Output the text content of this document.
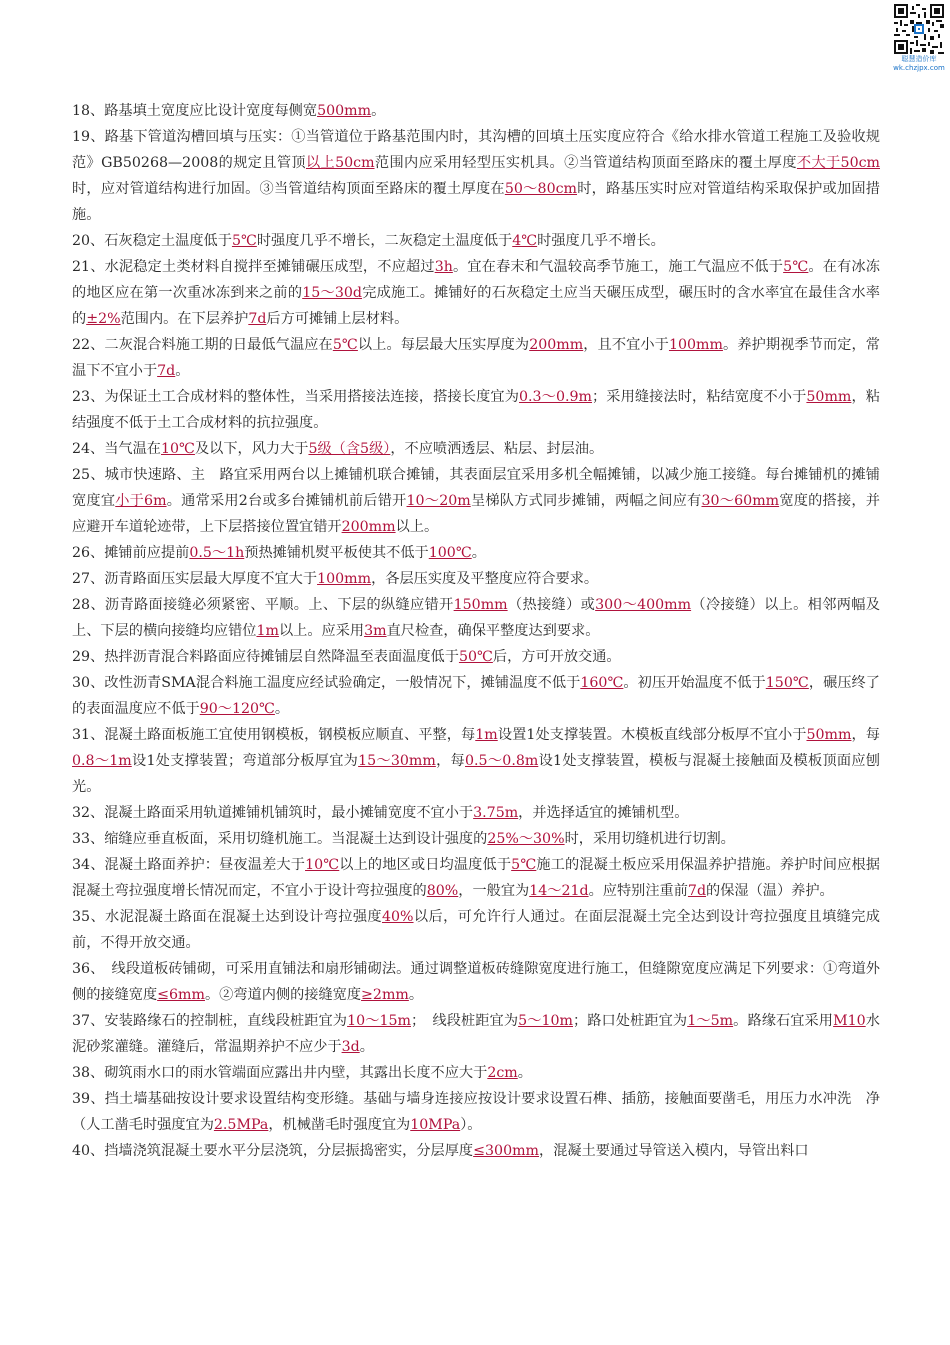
聪慧造价库
wk.chzjpx.com

18、路基填土宽度应比设计宽度每侧宽500mm。

19、路基下管道沟槽回填与压实：①当管道位于路基范围内时，其沟槽的回填土压实度应符合《给水排水管道工程施工及验收规范》GB50268—2008的规定且管顶以上50cm范围内应采用轻型压实机具。②当管道结构顶面至路床的覆土厚度不大于50cm时，应对管道结构进行加固。③当管道结构顶面至路床的覆土厚度在50～80cm时，路基压实时应对管道结构采取保护或加固措施。

20、石灰稳定土温度低于5℃时强度几乎不增长，二灰稳定土温度低于4℃时强度几乎不增长。

21、水泥稳定土类材料自搅拌至摊铺碾压成型，不应超过3h。宜在春末和气温较高季节施工，施工气温应不低于5℃。在有冰冻的地区应在第一次重冰冻到来之前的15～30d完成施工。摊铺好的石灰稳定土应当天碾压成型，碾压时的含水率宜在最佳含水率的±2%范围内。在下层养护7d后方可摊铺上层材料。

22、二灰混合料施工期的日最低气温应在5℃以上。每层最大压实厚度为200mm，且不宜小于100mm。养护期视季节而定，常温下不宜小于7d。

23、为保证土工合成材料的整体性，当采用搭接法连接，搭接长度宜为0.3～0.9m；采用缝接法时，粘结宽度不小于50mm，粘结强度不低于土工合成材料的抗拉强度。

24、当气温在10℃及以下，风力大于5级（含5级），不应喷洒透层、粘层、封层油。

25、城市快速路、主　路宜采用两台以上摊铺机联合摊铺，其表面层宜采用多机全幅摊铺，以减少施工接缝。每台摊铺机的摊铺宽度宜小于6m。通常采用2台或多台摊铺机前后错开10～20m呈梯队方式同步摊铺，两幅之间应有30～60mm宽度的搭接，并应避开车道轮迹带，上下层搭接位置宜错开200mm以上。

26、摊铺前应提前0.5～1h预热摊铺机熨平板使其不低于100℃。

27、沥青路面压实层最大厚度不宜大于100mm，各层压实度及平整度应符合要求。

28、沥青路面接缝必须紧密、平顺。上、下层的纵缝应错开150mm（热接缝）或300～400mm（冷接缝）以上。相邻两幅及上、下层的横向接缝均应错位1m以上。应采用3m直尺检查，确保平整度达到要求。

29、热拌沥青混合料路面应待摊铺层自然降温至表面温度低于50℃后，方可开放交通。

30、改性沥青SMA混合料施工温度应经试验确定，一般情况下，摊铺温度不低于160℃。初压开始温度不低于150℃，碾压终了的表面温度应不低于90～120℃。

31、混凝土路面板施工宜使用钢模板，钢模板应顺直、平整，每1m设置1处支撑装置。木模板直线部分板厚不宜小于50mm，每0.8～1m设1处支撑装置；弯道部分板厚宜为15～30mm，每0.5～0.8m设1处支撑装置，模板与混凝土接触面及模板顶面应刨光。

32、混凝土路面采用轨道摊铺机铺筑时，最小摊铺宽度不宜小于3.75m，并选择适宜的摊铺机型。

33、缩缝应垂直板面，采用切缝机施工。当混凝土达到设计强度的25%～30%时，采用切缝机进行切割。

34、混凝土路面养护：昼夜温差大于10℃以上的地区或日均温度低于5℃施工的混凝土板应采用保温养护措施。养护时间应根据混凝土弯拉强度增长情况而定，不宜小于设计弯拉强度的80%，一般宜为14～21d。应特别注重前7d的保湿（温）养护。

35、水泥混凝土路面在混凝土达到设计弯拉强度40%以后，可允许行人通过。在面层混凝土完全达到设计弯拉强度且填缝完成前，不得开放交通。

36、　线段道板砖铺砌，可采用直铺法和扇形铺砌法。通过调整道板砖缝隙宽度进行施工，但缝隙宽度应满足下列要求：①弯道外侧的接缝宽度≤6mm。②弯道内侧的接缝宽度≥2mm。

37、安装路缘石的控制桩，直线段桩距宜为10～15m；　线段桩距宜为5～10m；路口处桩距宜为1～5m。路缘石宜采用M10水泥砂浆灌缝。灌缝后，常温期养护不应少于3d。

38、砌筑雨水口的雨水管端面应露出井内壁，其露出长度不应大于2cm。

39、挡土墙基础按设计要求设置结构变形缝。基础与墙身连接应按设计要求设置石榫、插筋，接触面要凿毛，用压力水冲洗　净（人工凿毛时强度宜为2.5MPa，机械凿毛时强度宜为10MPa）。

40、挡墙浇筑混凝土要水平分层浇筑，分层振捣密实，分层厚度≤300mm，混凝土要通过导管送入模内，导管出料口
